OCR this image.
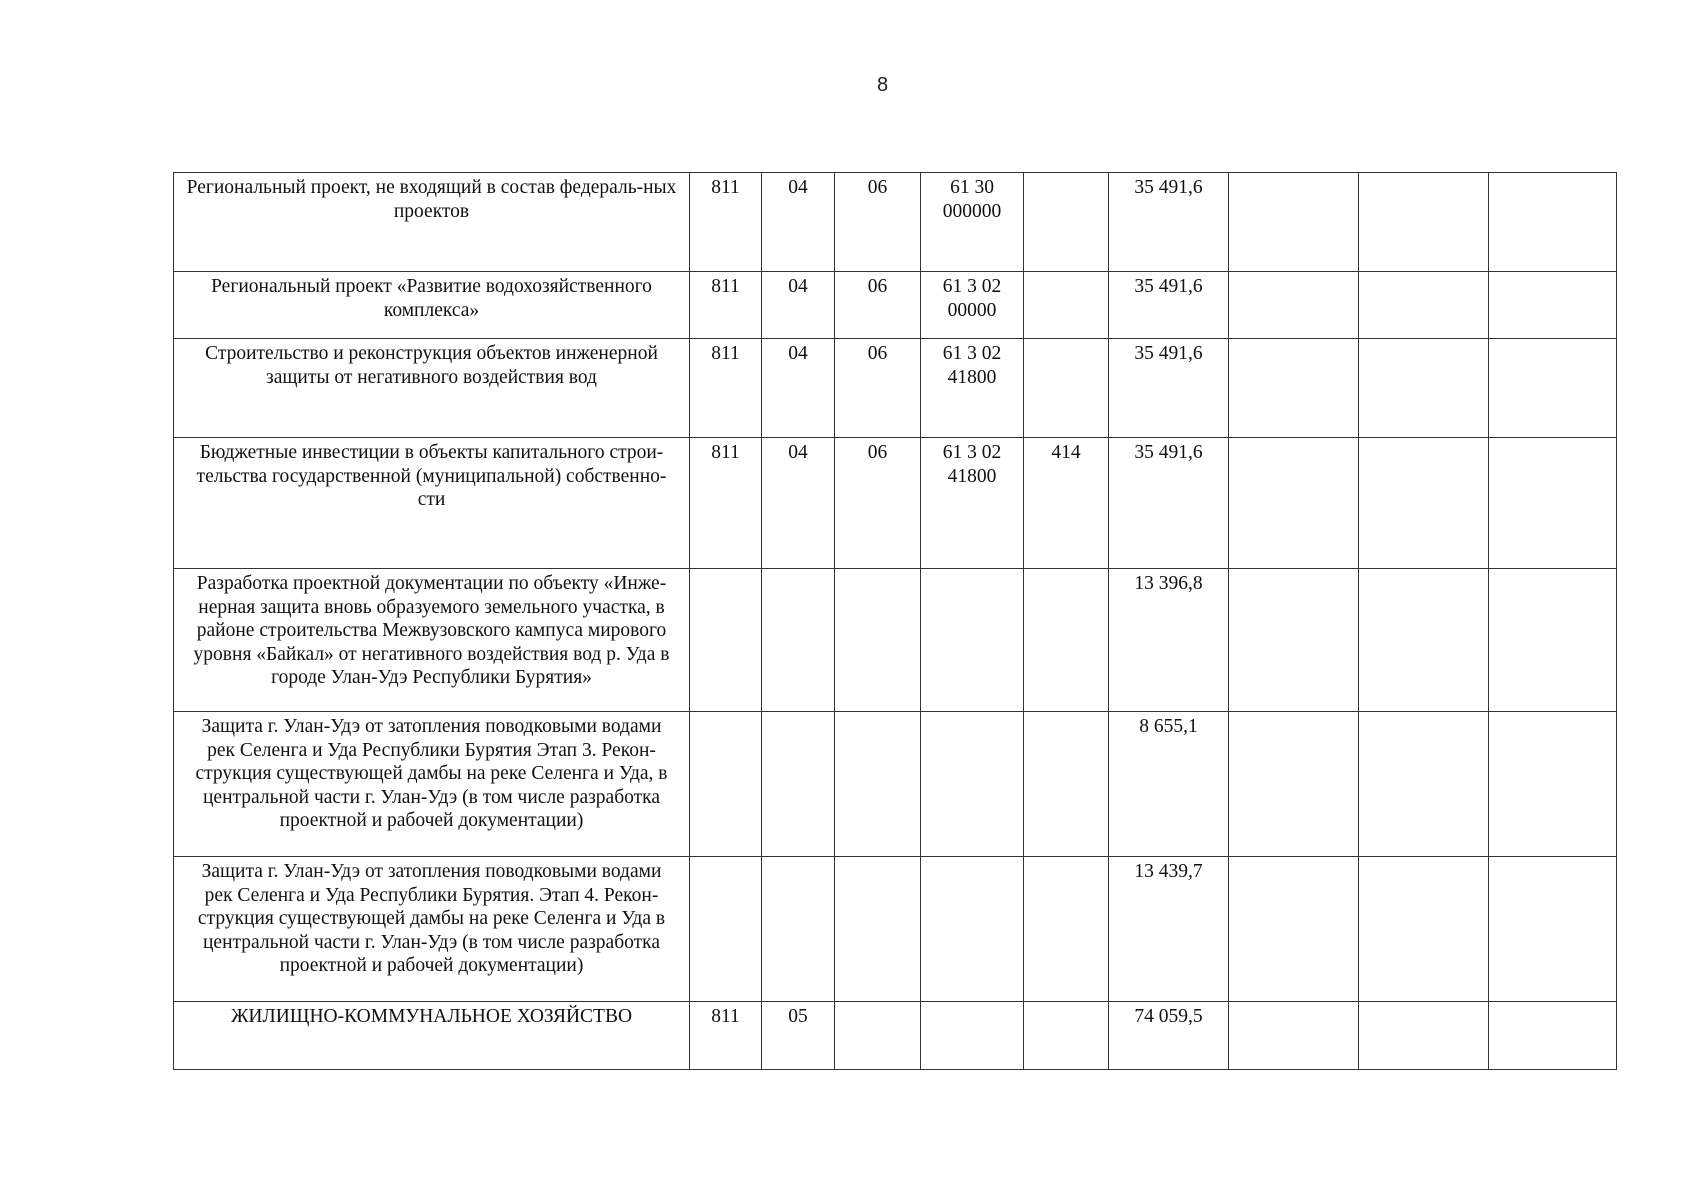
8
Региональный проект, не входящий в состав федераль-ных проектов	811	04	06	61 30 000000		35 491,6			
Региональный проект «Развитие водохозяйственного комплекса»	811	04	06	61 3 02 00000		35 491,6			
Строительство и реконструкция объектов инженерной защиты от негативного воздействия вод	811	04	06	61 3 02 41800		35 491,6			
Бюджетные инвестиции в объекты капитального строи-тельства государственной (муниципальной) собственно-сти	811	04	06	61 3 02 41800	414	35 491,6			
Разработка проектной документации по объекту «Инже-нерная защита вновь образуемого земельного участка, в районе строительства Межвузовского кампуса мирового уровня «Байкал» от негативного воздействия вод р. Уда в городе Улан-Удэ Республики Бурятия»						13 396,8			
Защита г. Улан-Удэ от затопления поводковыми водами рек Селенга и Уда Республики Бурятия Этап 3. Рекон-струкция существующей дамбы на реке Селенга и Уда, в центральной части г. Улан-Удэ (в том числе разработка проектной и рабочей документации)						8 655,1			
Защита г. Улан-Удэ от затопления поводковыми водами рек Селенга и Уда Республики Бурятия. Этап 4. Рекон-струкция существующей дамбы на реке Селенга и Уда в центральной части г. Улан-Удэ (в том числе разработка проектной и рабочей документации)						13 439,7			
ЖИЛИЩНО-КОММУНАЛЬНОЕ ХОЗЯЙСТВО	811	05				74 059,5			
